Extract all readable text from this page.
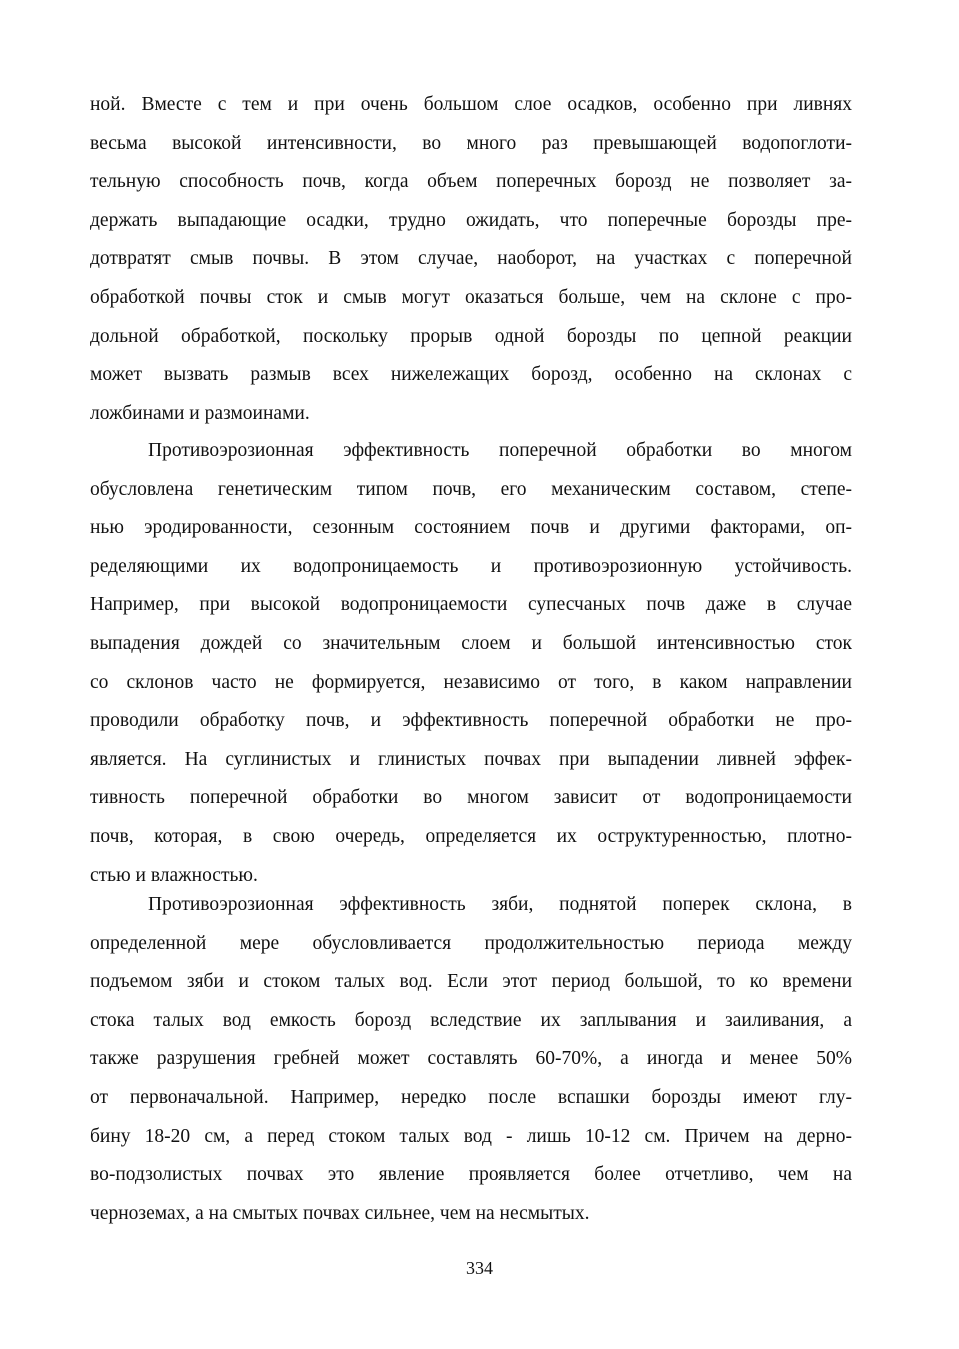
ной. Вместе с тем и при очень большом слое осадков, особенно при ливнях
весьма высокой интенсивности, во много раз превышающей водопоглоти-
тельную способность почв, когда объем поперечных борозд не позволяет за-
держать выпадающие осадки, трудно ожидать, что поперечные борозды пре-
дотвратят смыв почвы. В этом случае, наоборот, на участках с поперечной
обработкой почвы сток и смыв могут оказаться больше, чем на склоне с про-
дольной обработкой, поскольку прорыв одной борозды по цепной реакции
может вызвать размыв всех нижележащих борозд, особенно на склонах с
ложбинами и размоинами.
Противоэрозионная эффективность поперечной обработки во многом
обусловлена генетическим типом почв, его механическим составом, степе-
нью эродированности, сезонным состоянием почв и другими факторами, оп-
ределяющими их водопроницаемость и противоэрозионную устойчивость.
Например, при высокой водопроницаемости супесчаных почв даже в случае
выпадения дождей со значительным слоем и большой интенсивностью сток
со склонов часто не формируется, независимо от того, в каком направлении
проводили обработку почв, и эффективность поперечной обработки не про-
является. На суглинистых и глинистых почвах при выпадении ливней эффек-
тивность поперечной обработки во многом зависит от водопроницаемости
почв, которая, в свою очередь, определяется их оструктуренностью, плотно-
стью и влажностью.
Противоэрозионная эффективность зяби, поднятой поперек склона, в
определенной мере обусловливается продолжительностью периода между
подъемом зяби и стоком талых вод. Если этот период большой, то ко времени
стока талых вод емкость борозд вследствие их заплывания и заиливания, а
также разрушения гребней может составлять 60-70%, а иногда и менее 50%
от первоначальной. Например, нередко после вспашки борозды имеют глу-
бину 18-20 см, а перед стоком талых вод - лишь 10-12 см. Причем на дерно-
во-подзолистых почвах это явление проявляется более отчетливо, чем на
черноземах, а на смытых почвах сильнее, чем на несмытых.
334
